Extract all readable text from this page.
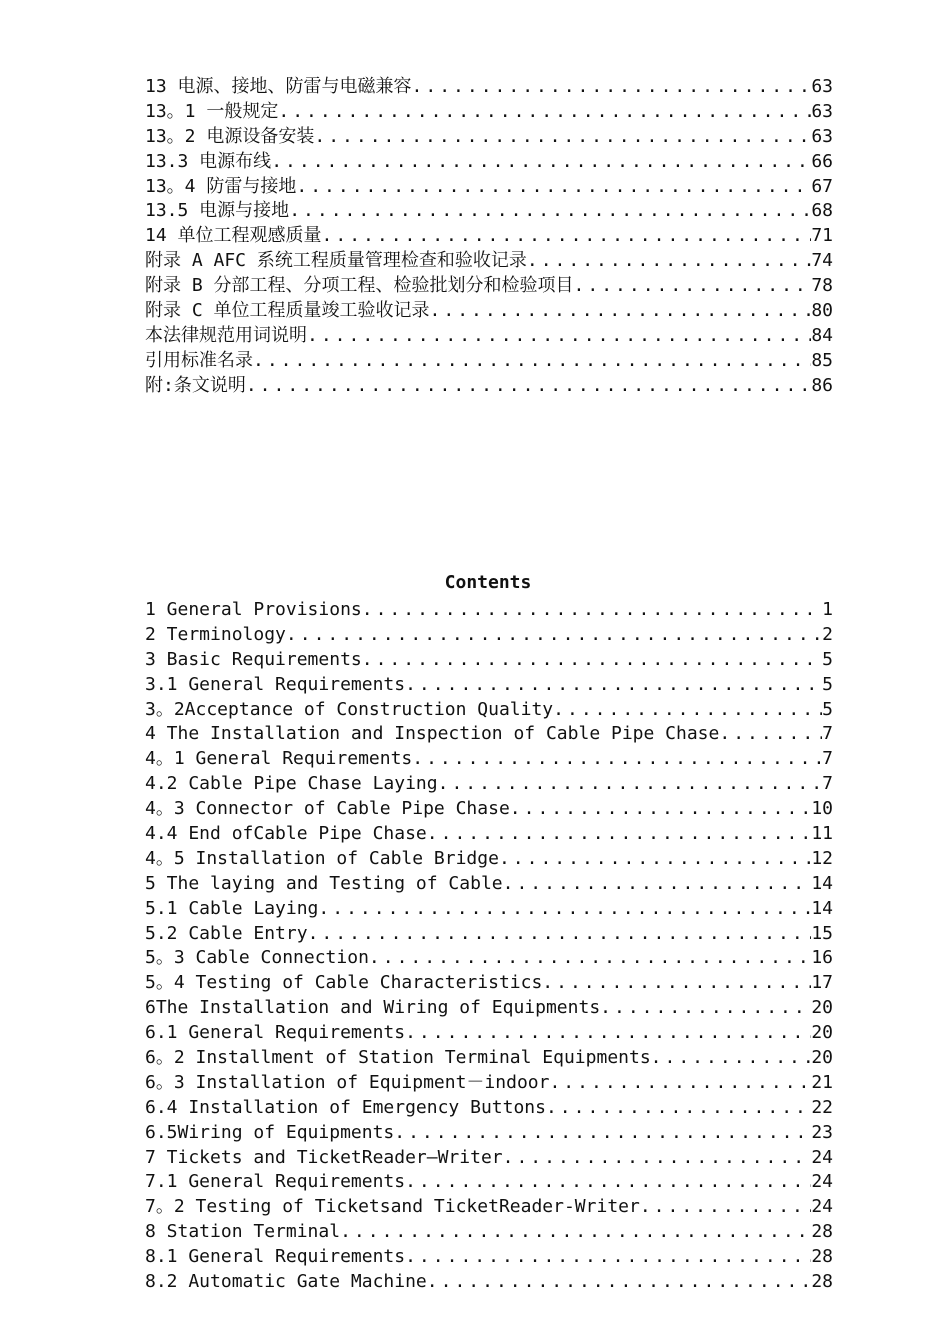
13 电源、接地、防雷与电磁兼容 .....	63
13。1 一般规定 .....	63
13。2 电源设备安装 .....	63
13.3 电源布线 .....	66
13。4 防雷与接地 .....	67
13.5 电源与接地 .....	68
14 单位工程观感质量 .....	71
附录 A AFC 系统工程质量管理检查和验收记录 .....	74
附录 B 分部工程、分项工程、检验批划分和检验项目 .....	78
附录 C 单位工程质量竣工验收记录 .....	80
本法律规范用词说明 .....	84
引用标准名录 .....	85
附:条文说明 .....	86
Contents
1 General Provisions .....	1
2 Terminology .....	2
3 Basic Requirements .....	5
3.1 General Requirements .....	5
3。2Acceptance of Construction Quality .....	5
4 The Installation and Inspection of Cable Pipe Chase .....	7
4。1 General Requirements .....	7
4.2 Cable Pipe Chase Laying .....	7
4。3 Connector of Cable Pipe Chase .....	10
4.4 End ofCable Pipe Chase .....	11
4。5 Installation of Cable Bridge .....	12
5 The laying and Testing of Cable .....	14
5.1 Cable Laying .....	14
5.2 Cable Entry .....	15
5。3 Cable Connection .....	16
5。4 Testing of Cable Characteristics .....	17
6The Installation and Wiring of Equipments .....	20
6.1 General Requirements .....	20
6。2 Installment of Station Terminal Equipments .....	20
6。3 Installation of Equipment－indoor .....	21
6.4 Installation of Emergency Buttons .....	22
6.5Wiring of Equipments .....	23
7 Tickets and TicketReader—Writer .....	24
7.1 General Requirements .....	24
7。2 Testing of Ticketsand TicketReader-Writer .....	24
8 Station Terminal .....	28
8.1 General Requirements .....	28
8.2 Automatic Gate Machine .....	28
